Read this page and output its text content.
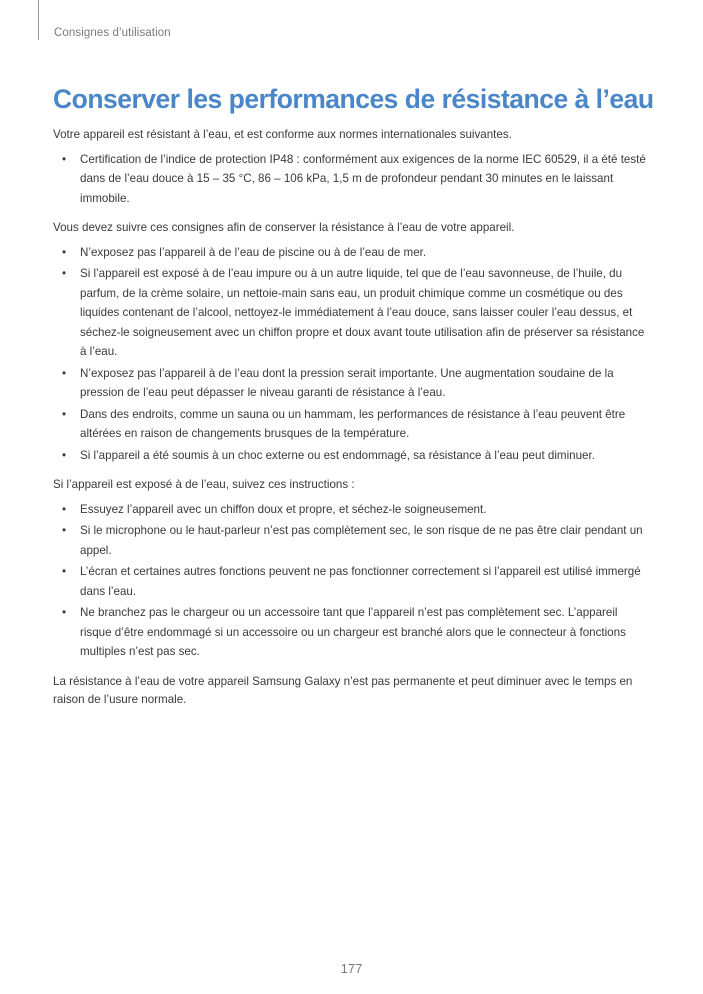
Consignes d’utilisation
Conserver les performances de résistance à l’eau

Votre appareil est résistant à l’eau, et est conforme aux normes internationales suivantes.

• Certification de l’indice de protection IP48 : conformément aux exigences de la norme IEC 60529, il a été testé dans de l’eau douce à 15 – 35 °C, 86 – 106 kPa, 1,5 m de profondeur pendant 30 minutes en le laissant immobile.

Vous devez suivre ces consignes afin de conserver la résistance à l’eau de votre appareil.

• N’exposez pas l’appareil à de l’eau de piscine ou à de l’eau de mer.
• Si l’appareil est exposé à de l’eau impure ou à un autre liquide, tel que de l’eau savonneuse, de l’huile, du parfum, de la crème solaire, un nettoie-main sans eau, un produit chimique comme un cosmétique ou des liquides contenant de l’alcool, nettoyez-le immédiatement à l’eau douce, sans laisser couler l’eau dessus, et séchez-le soigneusement avec un chiffon propre et doux avant toute utilisation afin de préserver sa résistance à l’eau.
• N’exposez pas l’appareil à de l’eau dont la pression serait importante. Une augmentation soudaine de la pression de l’eau peut dépasser le niveau garanti de résistance à l’eau.
• Dans des endroits, comme un sauna ou un hammam, les performances de résistance à l’eau peuvent être altérées en raison de changements brusques de la température.
• Si l’appareil a été soumis à un choc externe ou est endommagé, sa résistance à l’eau peut diminuer.

Si l’appareil est exposé à de l’eau, suivez ces instructions :

• Essuyez l’appareil avec un chiffon doux et propre, et séchez-le soigneusement.
• Si le microphone ou le haut-parleur n’est pas complètement sec, le son risque de ne pas être clair pendant un appel.
• L’écran et certaines autres fonctions peuvent ne pas fonctionner correctement si l’appareil est utilisé immergé dans l’eau.
• Ne branchez pas le chargeur ou un accessoire tant que l’appareil n’est pas complètement sec. L’appareil risque d’être endommagé si un accessoire ou un chargeur est branché alors que le connecteur à fonctions multiples n’est pas sec.

La résistance à l’eau de votre appareil Samsung Galaxy n’est pas permanente et peut diminuer avec le temps en raison de l’usure normale.

177
